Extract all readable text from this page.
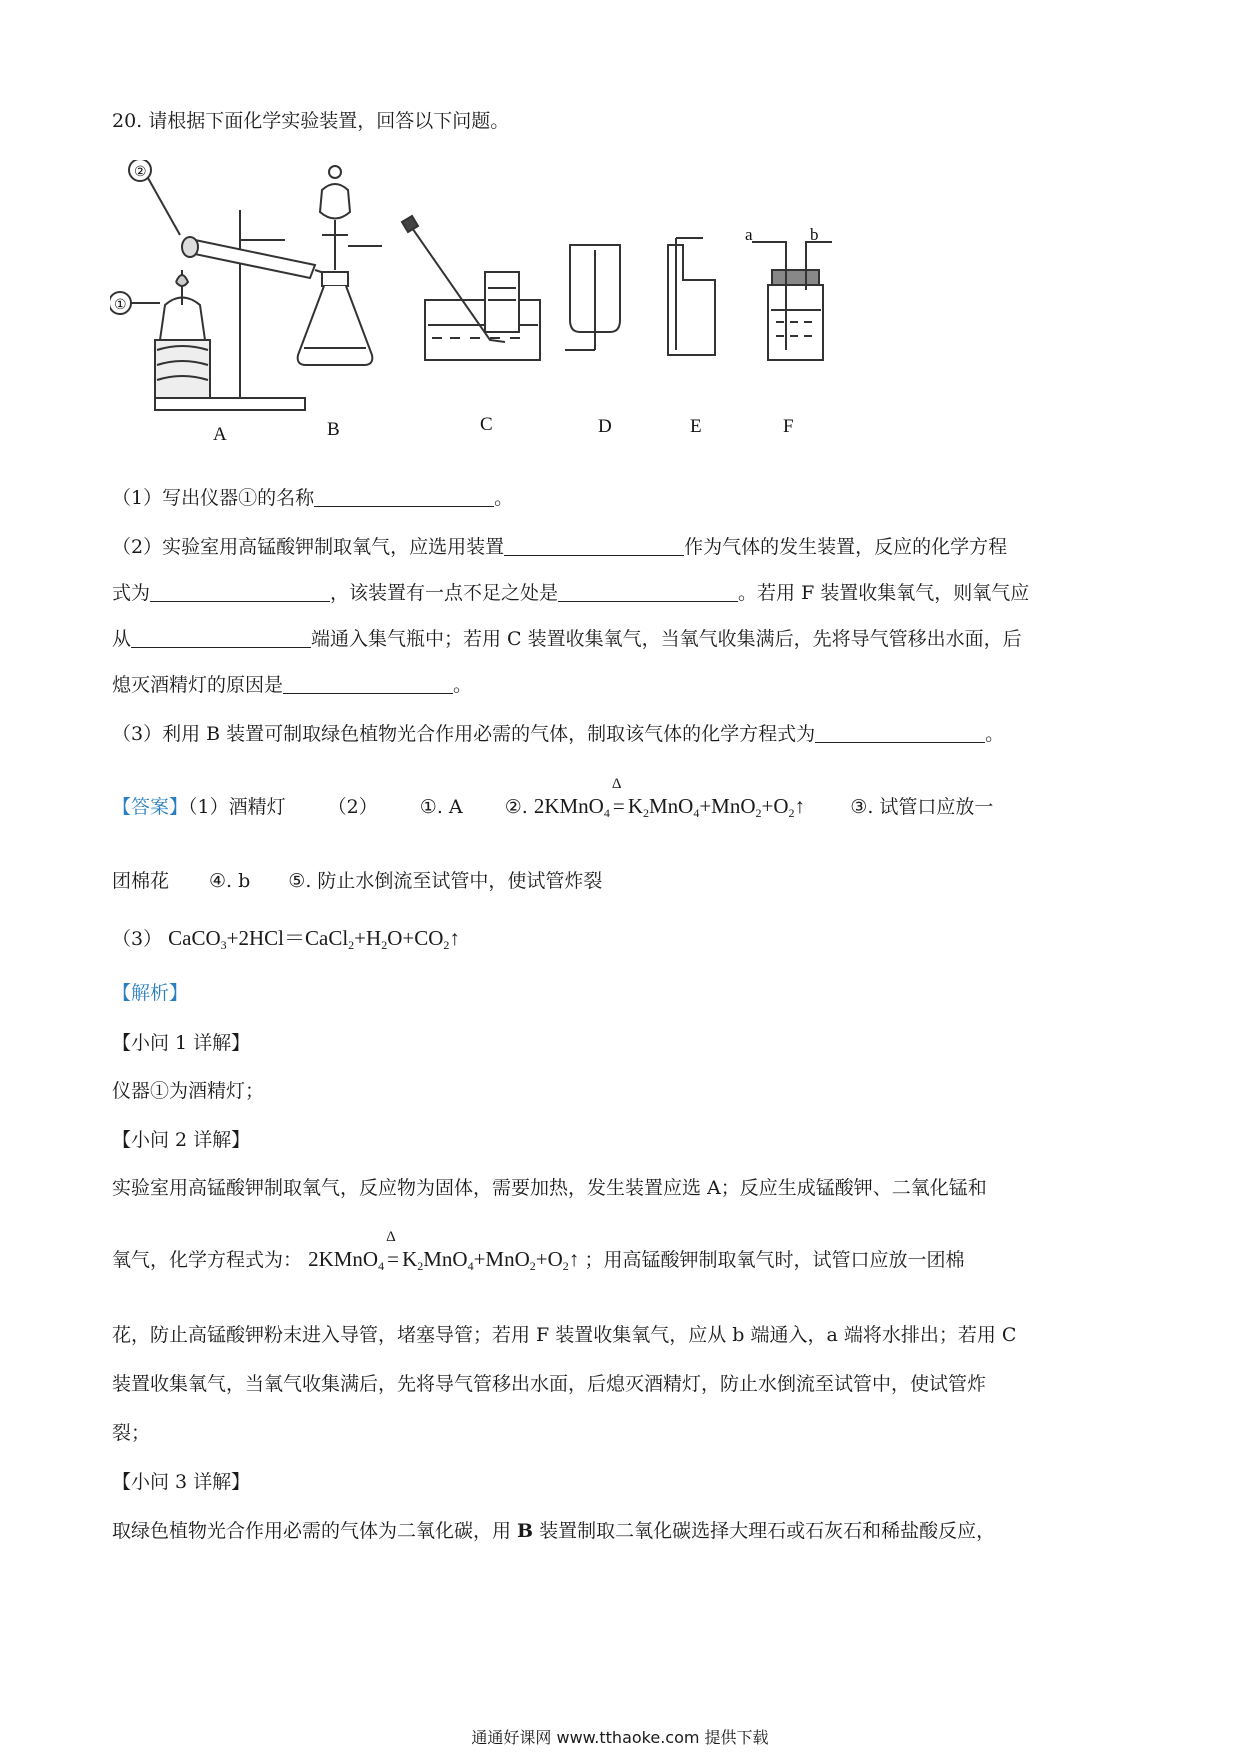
20. 请根据下面化学实验装置，回答以下问题。
②
①
a	b
A	B	C	D	E	F
（1）写出仪器①的名称	。
（2）实验室用高锰酸钾制取氧气，应选用装置	作为气体的发生装置，反应的化学方程
式为	，该装置有一点不足之处是	。若用 F 装置收集氧气，则氧气应
从	端通入集气瓶中；若用 C 装置收集氧气，当氧气收集满后，先将导气管移出水面，后
熄灭酒精灯的原因是	。
（3）利用 B 装置可制取绿色植物光合作用必需的气体，制取该气体的化学方程式为	。
【答案】（1）酒精灯 （2） ①. A ②. 2KMnO$_4$
Δ
= $K_2MnO_4+MnO_2+O_2↑$ ③. 试管口应放一
团棉花 ④. b ⑤. 防止水倒流至试管中，使试管炸裂
（3） $CaCO_3+2HCl=CaCl_2+H_2O+CO_2↑$
【解析】
【小问 1 详解】
仪器①为酒精灯；
【小问 2 详解】
实验室用高锰酸钾制取氧气，反应物为固体，需要加热，发生装置应选 A；反应生成锰酸钾、二氧化锰和
氧气，化学方程式为： 2KMnO$_4$
Δ
= $K_2MnO_4+MnO_2+O_2↑$ ；用高锰酸钾制取氧气时，试管口应放一团棉
花，防止高锰酸钾粉末进入导管，堵塞导管；若用 F 装置收集氧气，应从 b 端通入，a 端将水排出；若用 C
装置收集氧气，当氧气收集满后，先将导气管移出水面，后熄灭酒精灯，防止水倒流至试管中，使试管炸
裂；
【小问 3 详解】
取绿色植物光合作用必需的气体为二氧化碳，用 B 装置制取二氧化碳选择大理石或石灰石和稀盐酸反应，
通通好课网 www.tthaoke.com 提供下载
